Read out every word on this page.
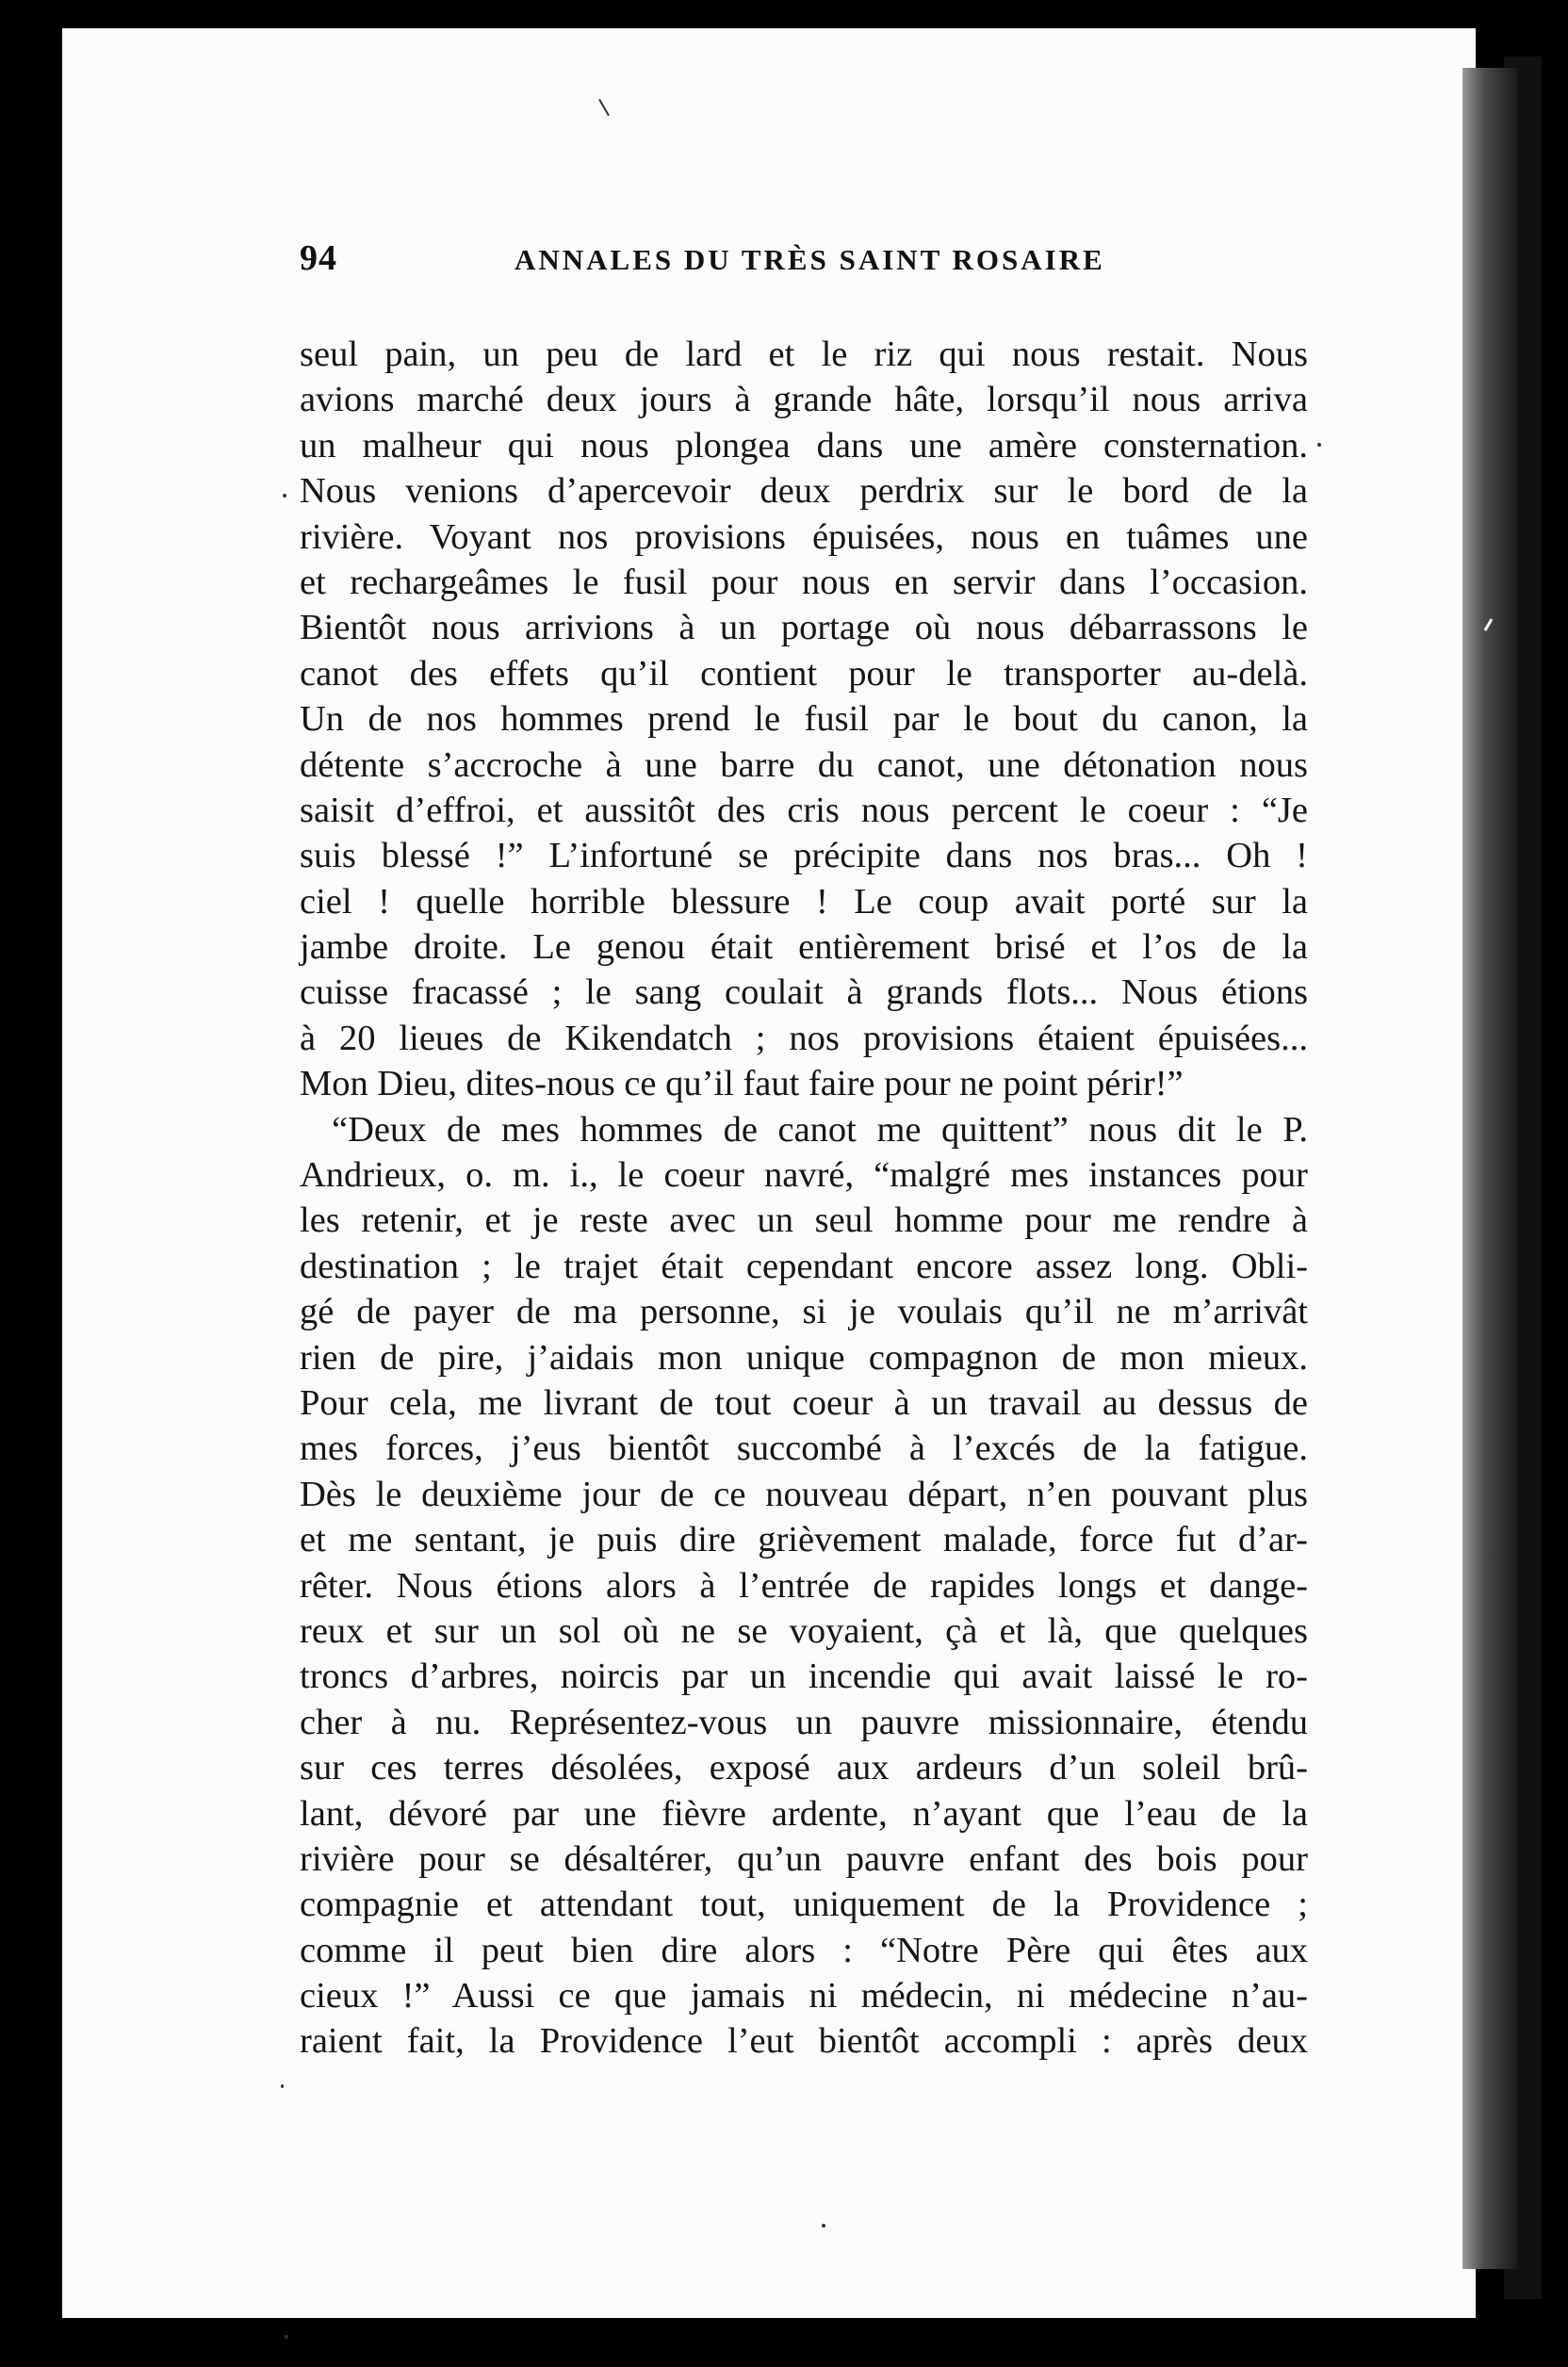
94	ANNALES DU TRÈS SAINT ROSAIRE
seul pain, un peu de lard et le riz qui nous restait. Nous
avions marché deux jours à grande hâte, lorsqu’il nous arriva
un malheur qui nous plongea dans une amère consternation.
Nous venions d’apercevoir deux perdrix sur le bord de la
rivière. Voyant nos provisions épuisées, nous en tuâmes une
et rechargeâmes le fusil pour nous en servir dans l’occasion.
Bientôt nous arrivions à un portage où nous débarrassons le
canot des effets qu’il contient pour le transporter au-delà.
Un de nos hommes prend le fusil par le bout du canon, la
détente s’accroche à une barre du canot, une détonation nous
saisit d’effroi, et aussitôt des cris nous percent le coeur : “Je
suis blessé !” L’infortuné se précipite dans nos bras... Oh !
ciel ! quelle horrible blessure ! Le coup avait porté sur la
jambe droite. Le genou était entièrement brisé et l’os de la
cuisse fracassé ; le sang coulait à grands flots... Nous étions
à 20 lieues de Kikendatch ; nos provisions étaient épuisées...
Mon Dieu, dites-nous ce qu’il faut faire pour ne point périr!”
“Deux de mes hommes de canot me quittent” nous dit le P.
Andrieux, o. m. i., le coeur navré, “malgré mes instances pour
les retenir, et je reste avec un seul homme pour me rendre à
destination ; le trajet était cependant encore assez long. Obli-
gé de payer de ma personne, si je voulais qu’il ne m’arrivât
rien de pire, j’aidais mon unique compagnon de mon mieux.
Pour cela, me livrant de tout coeur à un travail au dessus de
mes forces, j’eus bientôt succombé à l’excés de la fatigue.
Dès le deuxième jour de ce nouveau départ, n’en pouvant plus
et me sentant, je puis dire grièvement malade, force fut d’ar-
rêter. Nous étions alors à l’entrée de rapides longs et dange-
reux et sur un sol où ne se voyaient, çà et là, que quelques
troncs d’arbres, noircis par un incendie qui avait laissé le ro-
cher à nu. Représentez-vous un pauvre missionnaire, étendu
sur ces terres désolées, exposé aux ardeurs d’un soleil brû-
lant, dévoré par une fièvre ardente, n’ayant que l’eau de la
rivière pour se désaltérer, qu’un pauvre enfant des bois pour
compagnie et attendant tout, uniquement de la Providence ;
comme il peut bien dire alors : “Notre Père qui êtes aux
cieux !” Aussi ce que jamais ni médecin, ni médecine n’au-
raient fait, la Providence l’eut bientôt accompli : après deux
